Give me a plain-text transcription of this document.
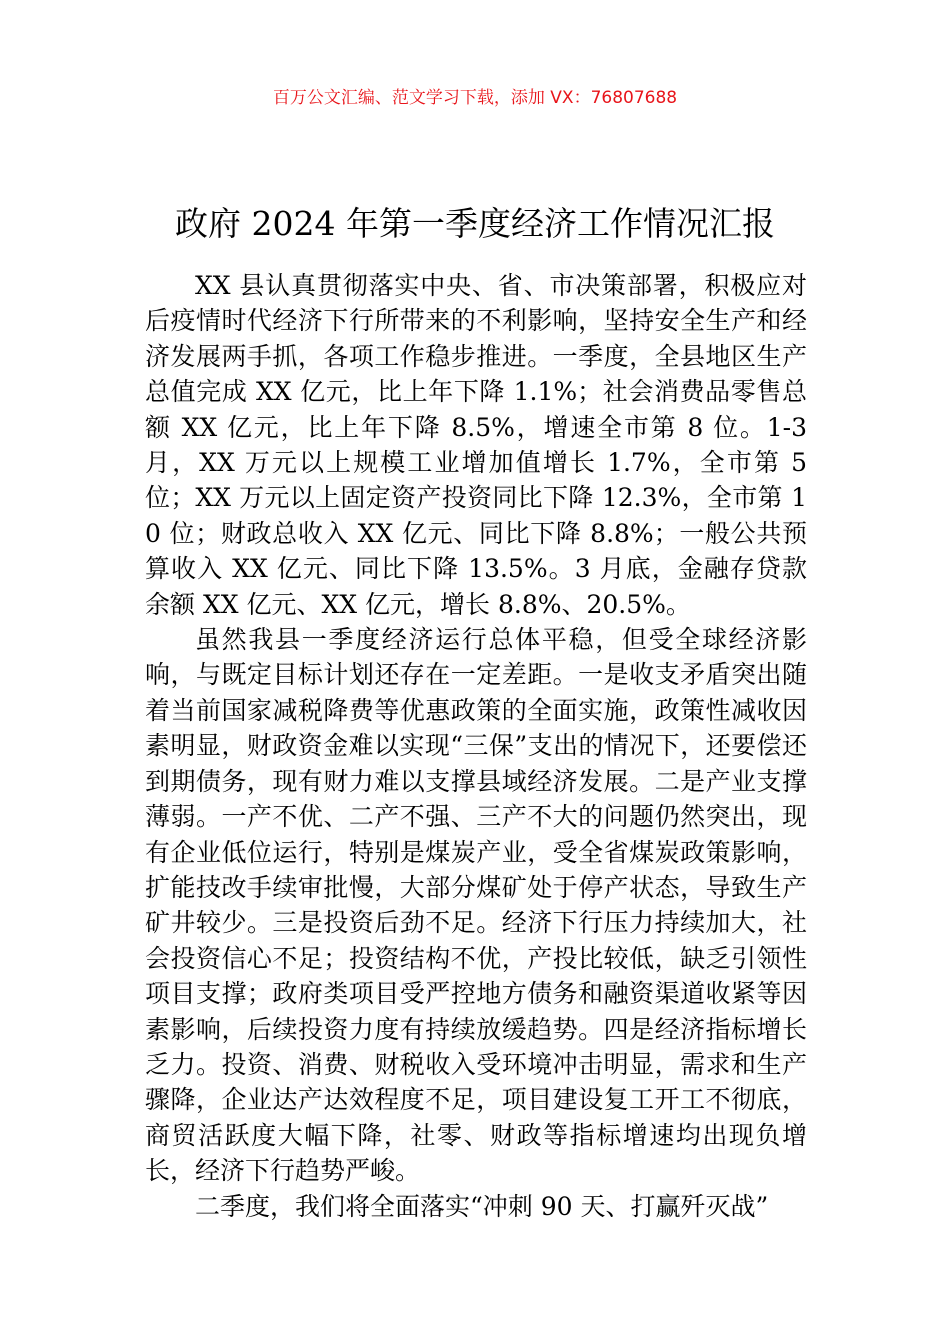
百万公文汇编、范文学习下载，添加 VX：76807688
政府 2024 年第一季度经济工作情况汇报

XX 县认真贯彻落实中央、省、市决策部署，积极应对后疫情时代经济下行所带来的不利影响，坚持安全生产和经济发展两手抓，各项工作稳步推进。一季度，全县地区生产总值完成 XX 亿元，比上年下降 1.1%；社会消费品零售总额 XX 亿元，比上年下降 8.5%，增速全市第 8 位。1-3 月，XX 万元以上规模工业增加值增长 1.7%，全市第 5 位；XX 万元以上固定资产投资同比下降 12.3%，全市第 10 位；财政总收入 XX 亿元、同比下降 8.8%；一般公共预算收入 XX 亿元、同比下降 13.5%。3 月底，金融存贷款余额 XX 亿元、XX 亿元，增长 8.8%、20.5%。

虽然我县一季度经济运行总体平稳，但受全球经济影响，与既定目标计划还存在一定差距。一是收支矛盾突出随着当前国家减税降费等优惠政策的全面实施，政策性减收因素明显，财政资金难以实现“三保”支出的情况下，还要偿还到期债务，现有财力难以支撑县域经济发展。二是产业支撑薄弱。一产不优、二产不强、三产不大的问题仍然突出，现有企业低位运行，特别是煤炭产业，受全省煤炭政策影响，扩能技改手续审批慢，大部分煤矿处于停产状态，导致生产矿井较少。三是投资后劲不足。经济下行压力持续加大，社会投资信心不足；投资结构不优，产投比较低，缺乏引领性项目支撑；政府类项目受严控地方债务和融资渠道收紧等因素影响，后续投资力度有持续放缓趋势。四是经济指标增长乏力。投资、消费、财税收入受环境冲击明显，需求和生产骤降，企业达产达效程度不足，项目建设复工开工不彻底，商贸活跃度大幅下降，社零、财政等指标增速均出现负增长，经济下行趋势严峻。

二季度，我们将全面落实“冲刺 90 天、打赢歼灭战”
